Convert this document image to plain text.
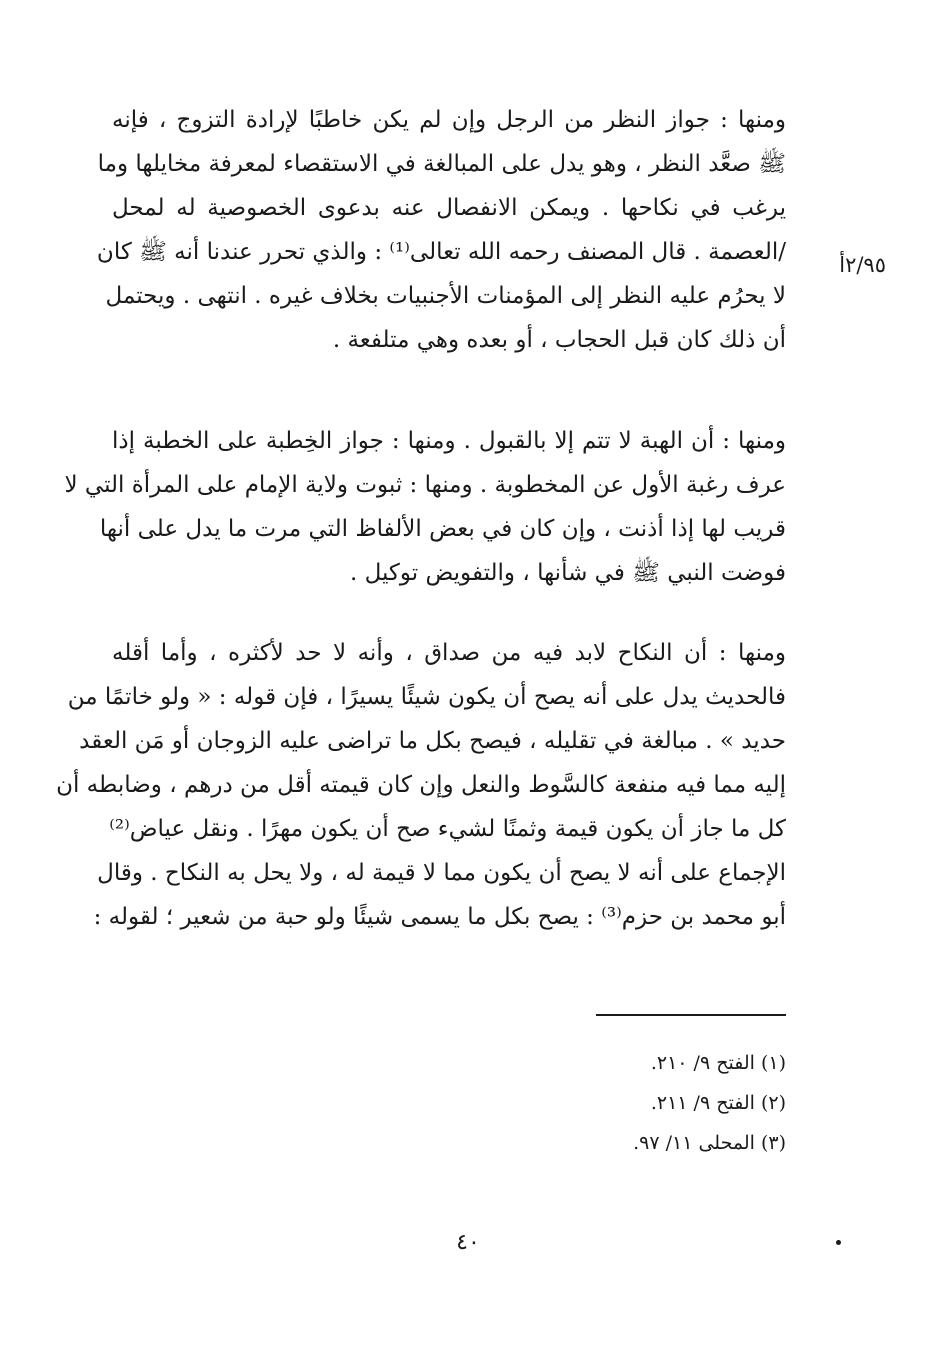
ومنها : جواز النظر من الرجل وإن لم يكن خاطبًا لإرادة التزوج ، فإنه
ﷺ صعَّد النظر ، وهو يدل على المبالغة في الاستقصاء لمعرفة مخايلها وما
يرغب في نكاحها . ويمكن الانفصال عنه بدعوى الخصوصية له لمحل
/العصمة . قال المصنف رحمه الله تعالى⁽¹⁾ : والذي تحرر عندنا أنه ﷺ كان
لا يحرُم عليه النظر إلى المؤمنات الأجنبيات بخلاف غيره . انتهى . ويحتمل
أن ذلك كان قبل الحجاب ، أو بعده وهي متلفعة .
٢/٩٥أ
ومنها : أن الهبة لا تتم إلا بالقبول . ومنها : جواز الخِطبة على الخطبة إذا
عرف رغبة الأول عن المخطوبة . ومنها : ثبوت ولاية الإمام على المرأة التي لا
قريب لها إذا أذنت ، وإن كان في بعض الألفاظ التي مرت ما يدل على أنها
فوضت النبي ﷺ في شأنها ، والتفويض توكيل .
ومنها : أن النكاح لابد فيه من صداق ، وأنه لا حد لأكثره ، وأما أقله
فالحديث يدل على أنه يصح أن يكون شيئًا يسيرًا ، فإن قوله : « ولو خاتمًا من
حديد » . مبالغة في تقليله ، فيصح بكل ما تراضى عليه الزوجان أو مَن العقد
إليه مما فيه منفعة كالسَّوط والنعل وإن كان قيمته أقل من درهم ، وضابطه أن
كل ما جاز أن يكون قيمة وثمنًا لشيء صح أن يكون مهرًا . ونقل عياض⁽²⁾
الإجماع على أنه لا يصح أن يكون مما لا قيمة له ، ولا يحل به النكاح . وقال
أبو محمد بن حزم⁽³⁾ : يصح بكل ما يسمى شيئًا ولو حبة من شعير ؛ لقوله :
(١) الفتح ٩/ ٢١٠.
(٢) الفتح ٩/ ٢١١.
(٣) المحلى ١١/ ٩٧.
٤٠
